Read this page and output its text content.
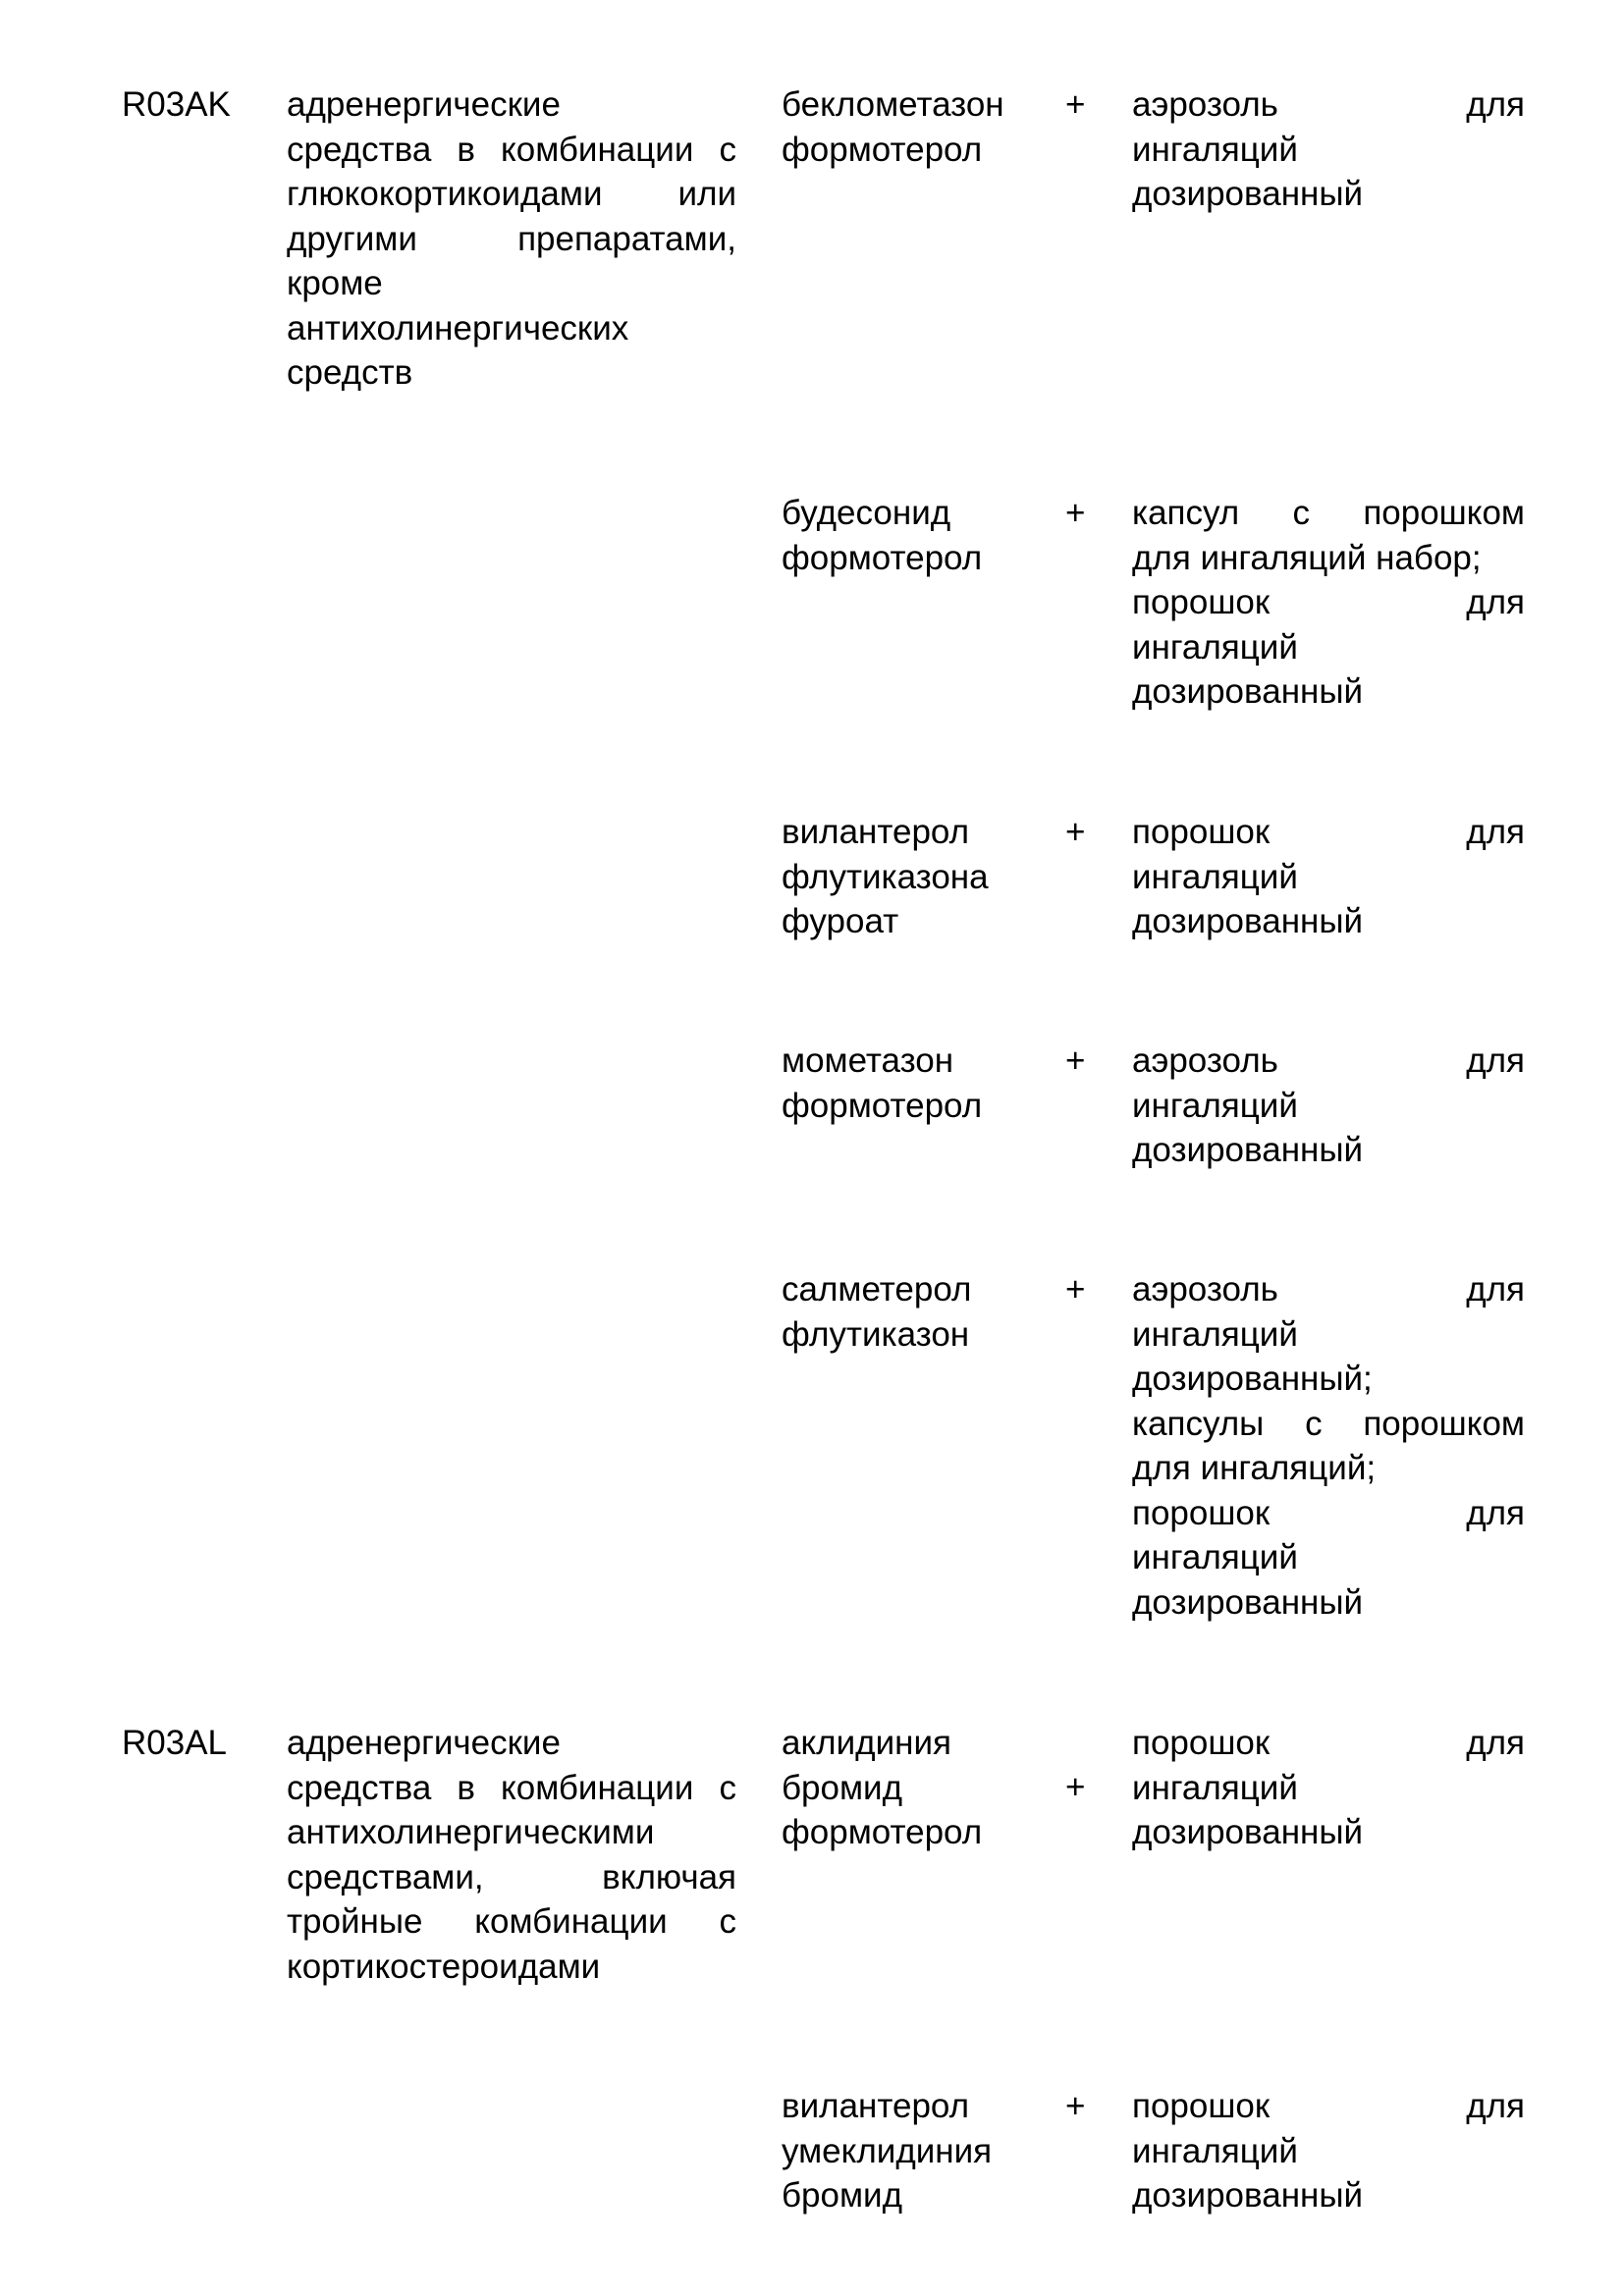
R03AK	адренергические
средства в комбинации с
глюкокортикоидами или
другими препаратами,
кроме
антихолинергических
средств
беклометазон
формотерол
+ аэрозоль для
ингаляций
дозированный
будесонид
формотерол
+ капсул с порошком
для ингаляций набор;
порошок для
ингаляций
дозированный
вилантерол
флутиказона
фуроат
+ порошок для
ингаляций
дозированный
мометазон
формотерол
+ аэрозоль для
ингаляций
дозированный
салметерол
флутиказон
+ аэрозоль для
ингаляций
дозированный;
капсулы с порошком
для ингаляций;
порошок для
ингаляций
дозированный
R03AL	адренергические
средства в комбинации с
антихолинергическими
средствами, включая
тройные комбинации с
кортикостероидами
аклидиния
бромид
формотерол
+
порошок для
ингаляций
дозированный
вилантерол
умеклидиния
бромид
+ порошок для
ингаляций
дозированный
